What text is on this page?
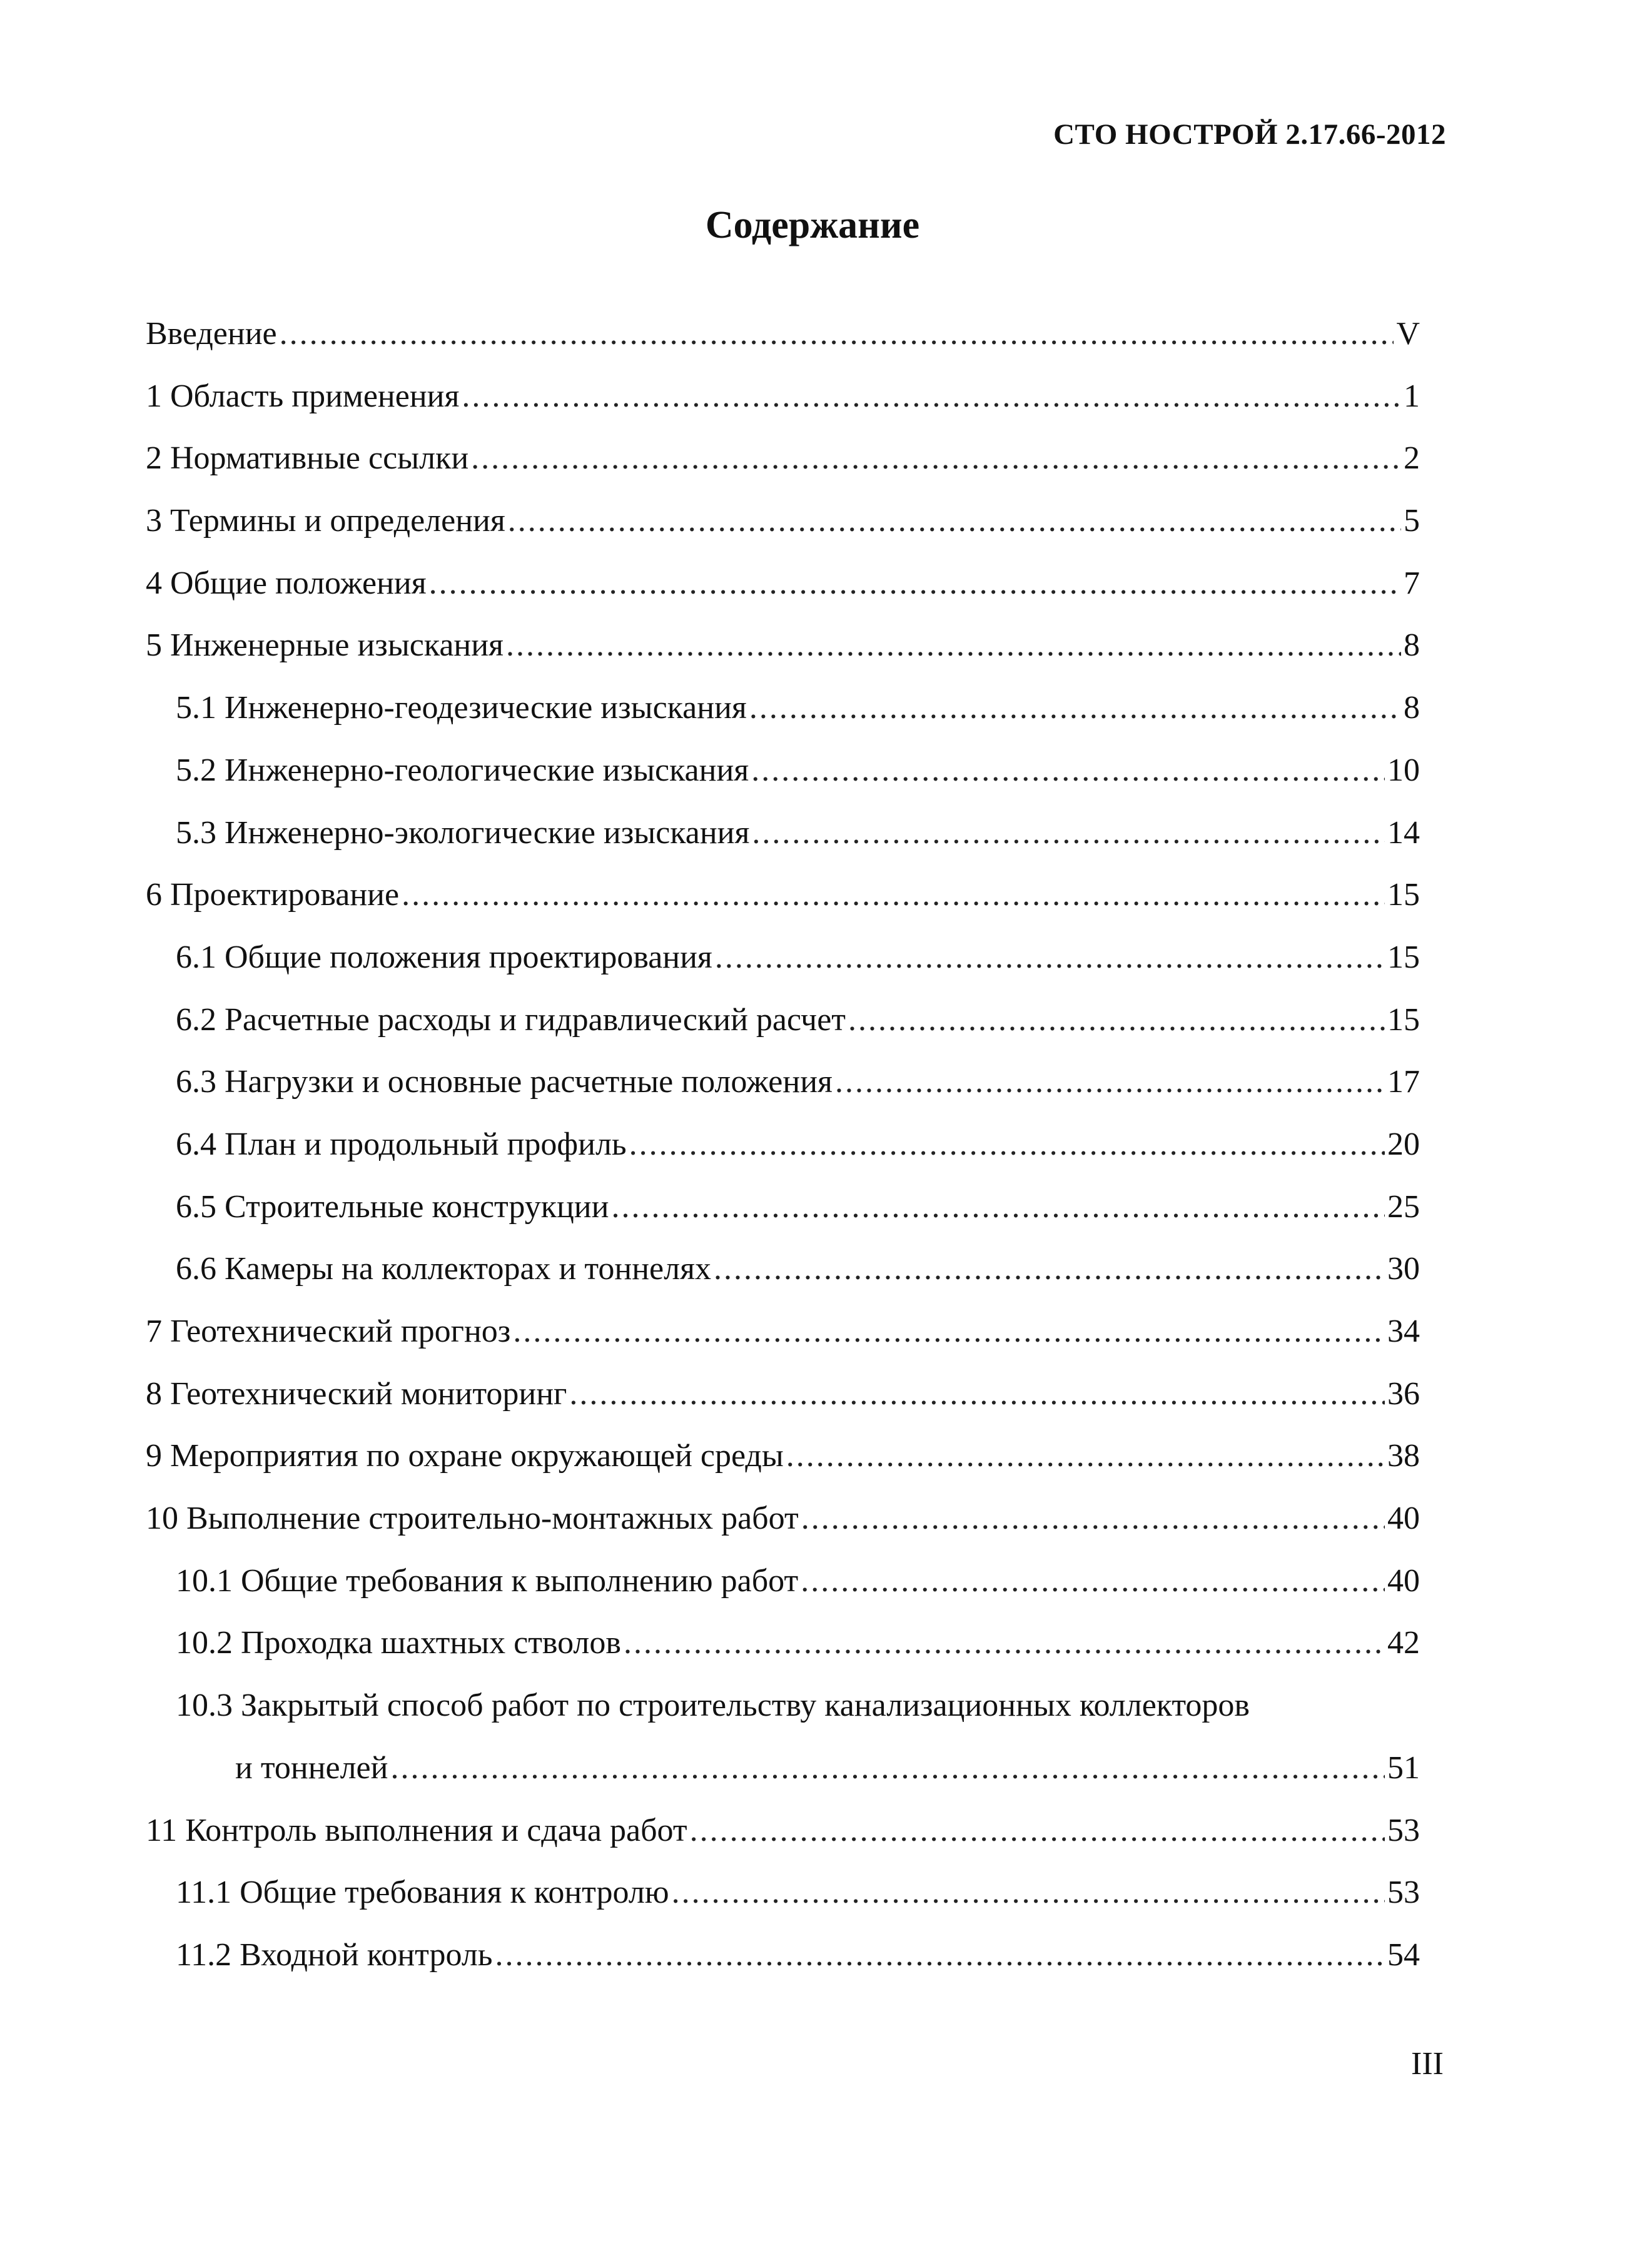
СТО НОСТРОЙ 2.17.66-2012
Содержание
Введение .....	V
1 Область применения .....	1
2 Нормативные ссылки .....	2
3 Термины и определения .....	5
4 Общие положения .....	7
5 Инженерные изыскания .....	8
5.1 Инженерно-геодезические изыскания .....	8
5.2 Инженерно-геологические изыскания .....	10
5.3 Инженерно-экологические изыскания .....	14
6 Проектирование .....	15
6.1 Общие положения проектирования .....	15
6.2 Расчетные расходы и гидравлический расчет .....	15
6.3 Нагрузки и основные расчетные положения .....	17
6.4 План и продольный профиль .....	20
6.5 Строительные конструкции .....	25
6.6 Камеры на коллекторах и тоннелях .....	30
7 Геотехнический прогноз .....	34
8 Геотехнический мониторинг .....	36
9 Мероприятия по охране окружающей среды .....	38
10 Выполнение строительно-монтажных работ .....	40
10.1 Общие требования к выполнению работ .....	40
10.2 Проходка шахтных стволов .....	42
10.3 Закрытый способ работ по строительству канализационных коллекторов
и тоннелей .....	51
11 Контроль выполнения и сдача работ .....	53
11.1 Общие требования к контролю .....	53
11.2 Входной контроль .....	54
III
